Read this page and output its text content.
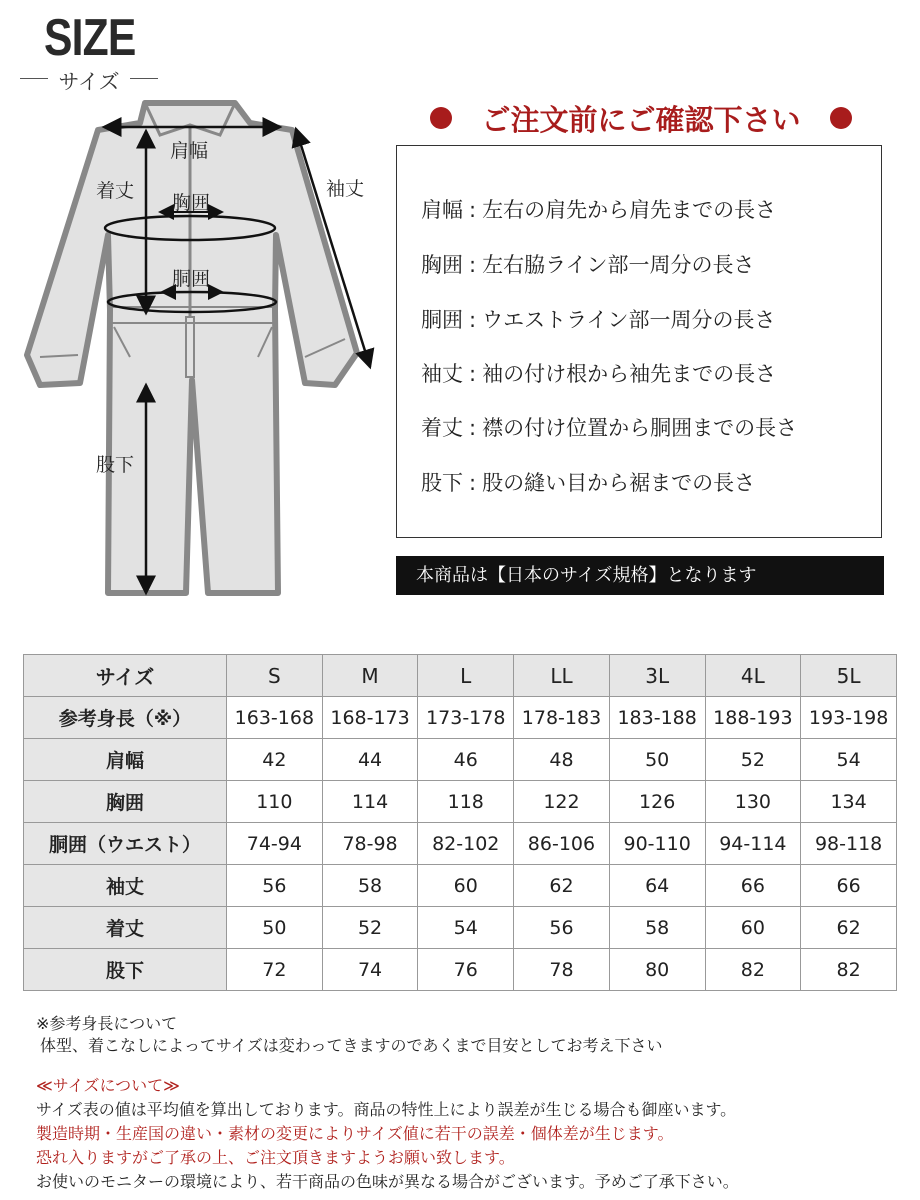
SIZE
サイズ
肩幅
着丈
胸囲
袖丈
胴囲
股下
ご注文前にご確認下さい
肩幅 : 左右の肩先から肩先までの長さ
胸囲 : 左右脇ライン部一周分の長さ
胴囲 : ウエストライン部一周分の長さ
袖丈 : 袖の付け根から袖先までの長さ
着丈 : 襟の付け位置から胴囲までの長さ
股下 : 股の縫い目から裾までの長さ
本商品は【日本のサイズ規格】となります
サイズ	S	M	L	LL	3L	4L	5L
参考身長（※）	163-168	168-173	173-178	178-183	183-188	188-193	193-198
肩幅	42	44	46	48	50	52	54
胸囲	110	114	118	122	126	130	134
胴囲（ウエスト）	74-94	78-98	82-102	86-106	90-110	94-114	98-118
袖丈	56	58	60	62	64	66	66
着丈	50	52	54	56	58	60	62
股下	72	74	76	78	80	82	82
※参考身長について
体型、着こなしによってサイズは変わってきますのであくまで目安としてお考え下さい
≪サイズについて≫
サイズ表の値は平均値を算出しております。商品の特性上により誤差が生じる場合も御座います。
製造時期・生産国の違い・素材の変更によりサイズ値に若干の誤差・個体差が生じます。
恐れ入りますがご了承の上、ご注文頂きますようお願い致します。
お使いのモニターの環境により、若干商品の色味が異なる場合がございます。予めご了承下さい。
